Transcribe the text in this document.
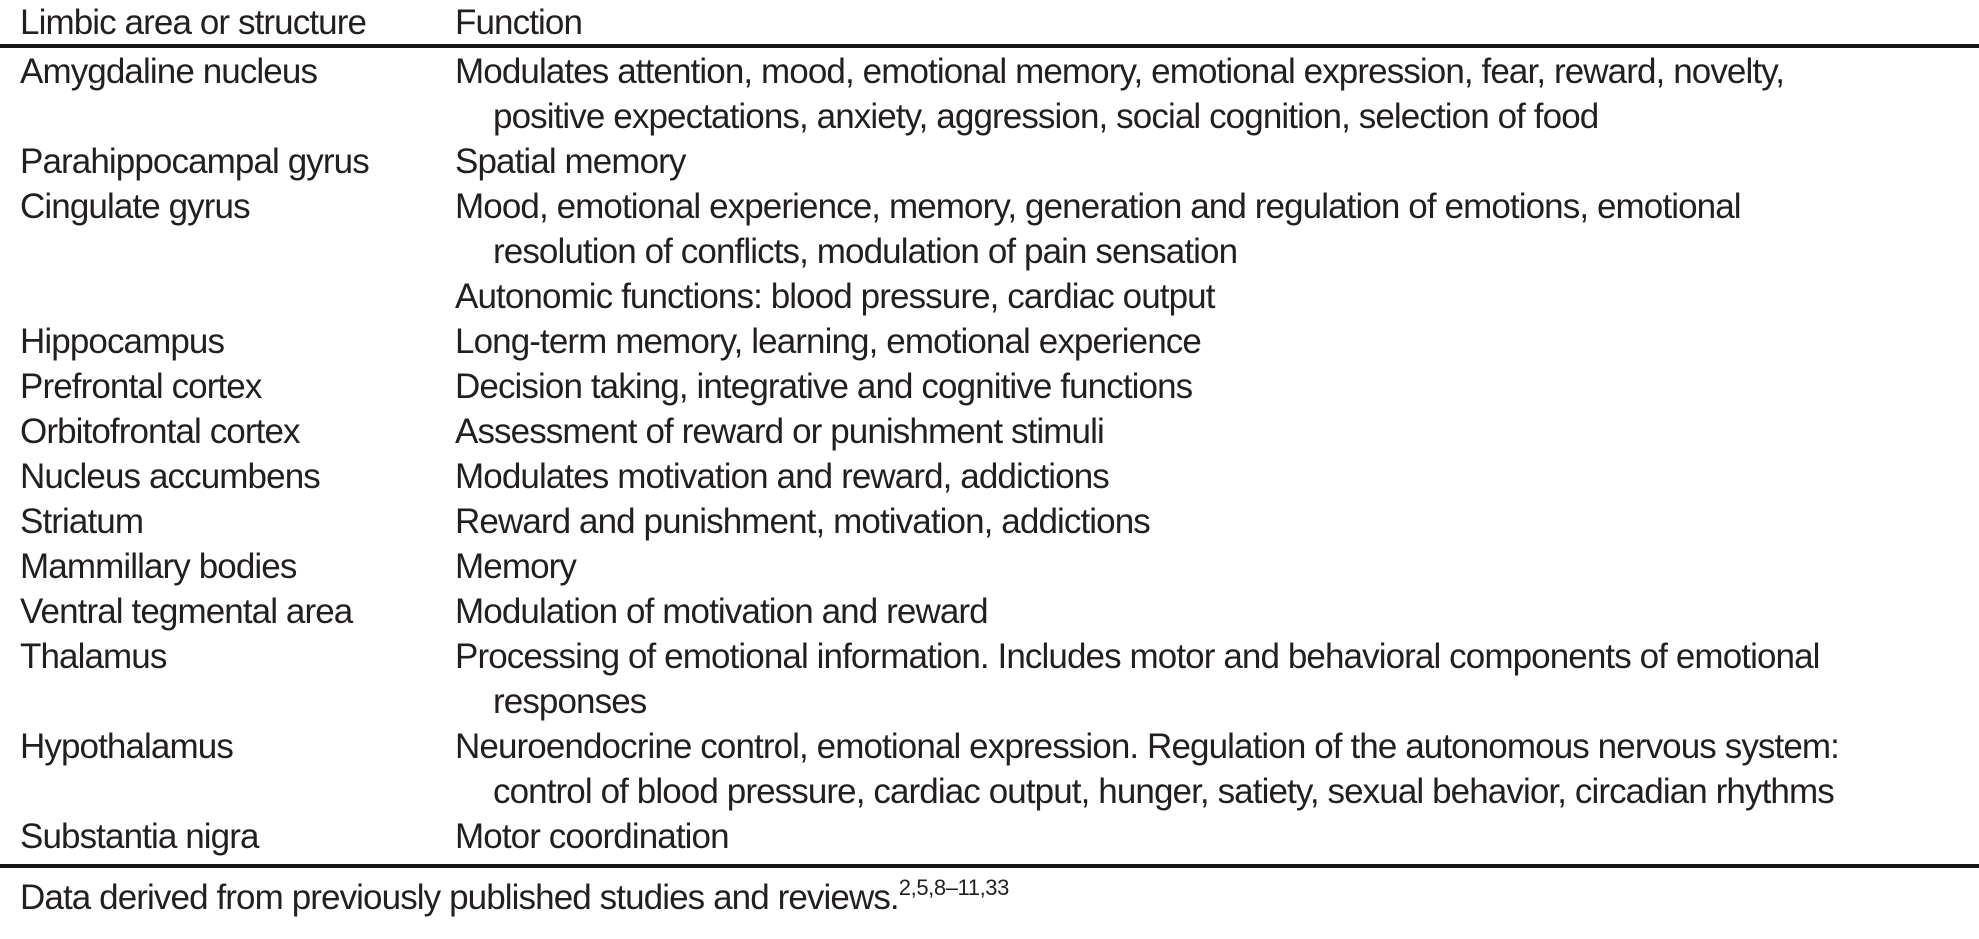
Limbic area or structure	Function
Amygdaline nucleus	Modulates attention, mood, emotional memory, emotional expression, fear, reward, novelty,
positive expectations, anxiety, aggression, social cognition, selection of food
Parahippocampal gyrus	Spatial memory
Cingulate gyrus	Mood, emotional experience, memory, generation and regulation of emotions, emotional
resolution of conflicts, modulation of pain sensation
Autonomic functions: blood pressure, cardiac output
Hippocampus	Long-term memory, learning, emotional experience
Prefrontal cortex	Decision taking, integrative and cognitive functions
Orbitofrontal cortex	Assessment of reward or punishment stimuli
Nucleus accumbens	Modulates motivation and reward, addictions
Striatum	Reward and punishment, motivation, addictions
Mammillary bodies	Memory
Ventral tegmental area	Modulation of motivation and reward
Thalamus	Processing of emotional information. Includes motor and behavioral components of emotional
responses
Hypothalamus	Neuroendocrine control, emotional expression. Regulation of the autonomous nervous system:
control of blood pressure, cardiac output, hunger, satiety, sexual behavior, circadian rhythms
Substantia nigra	Motor coordination
Data derived from previously published studies and reviews.$^{2,5,8-11,33}$
